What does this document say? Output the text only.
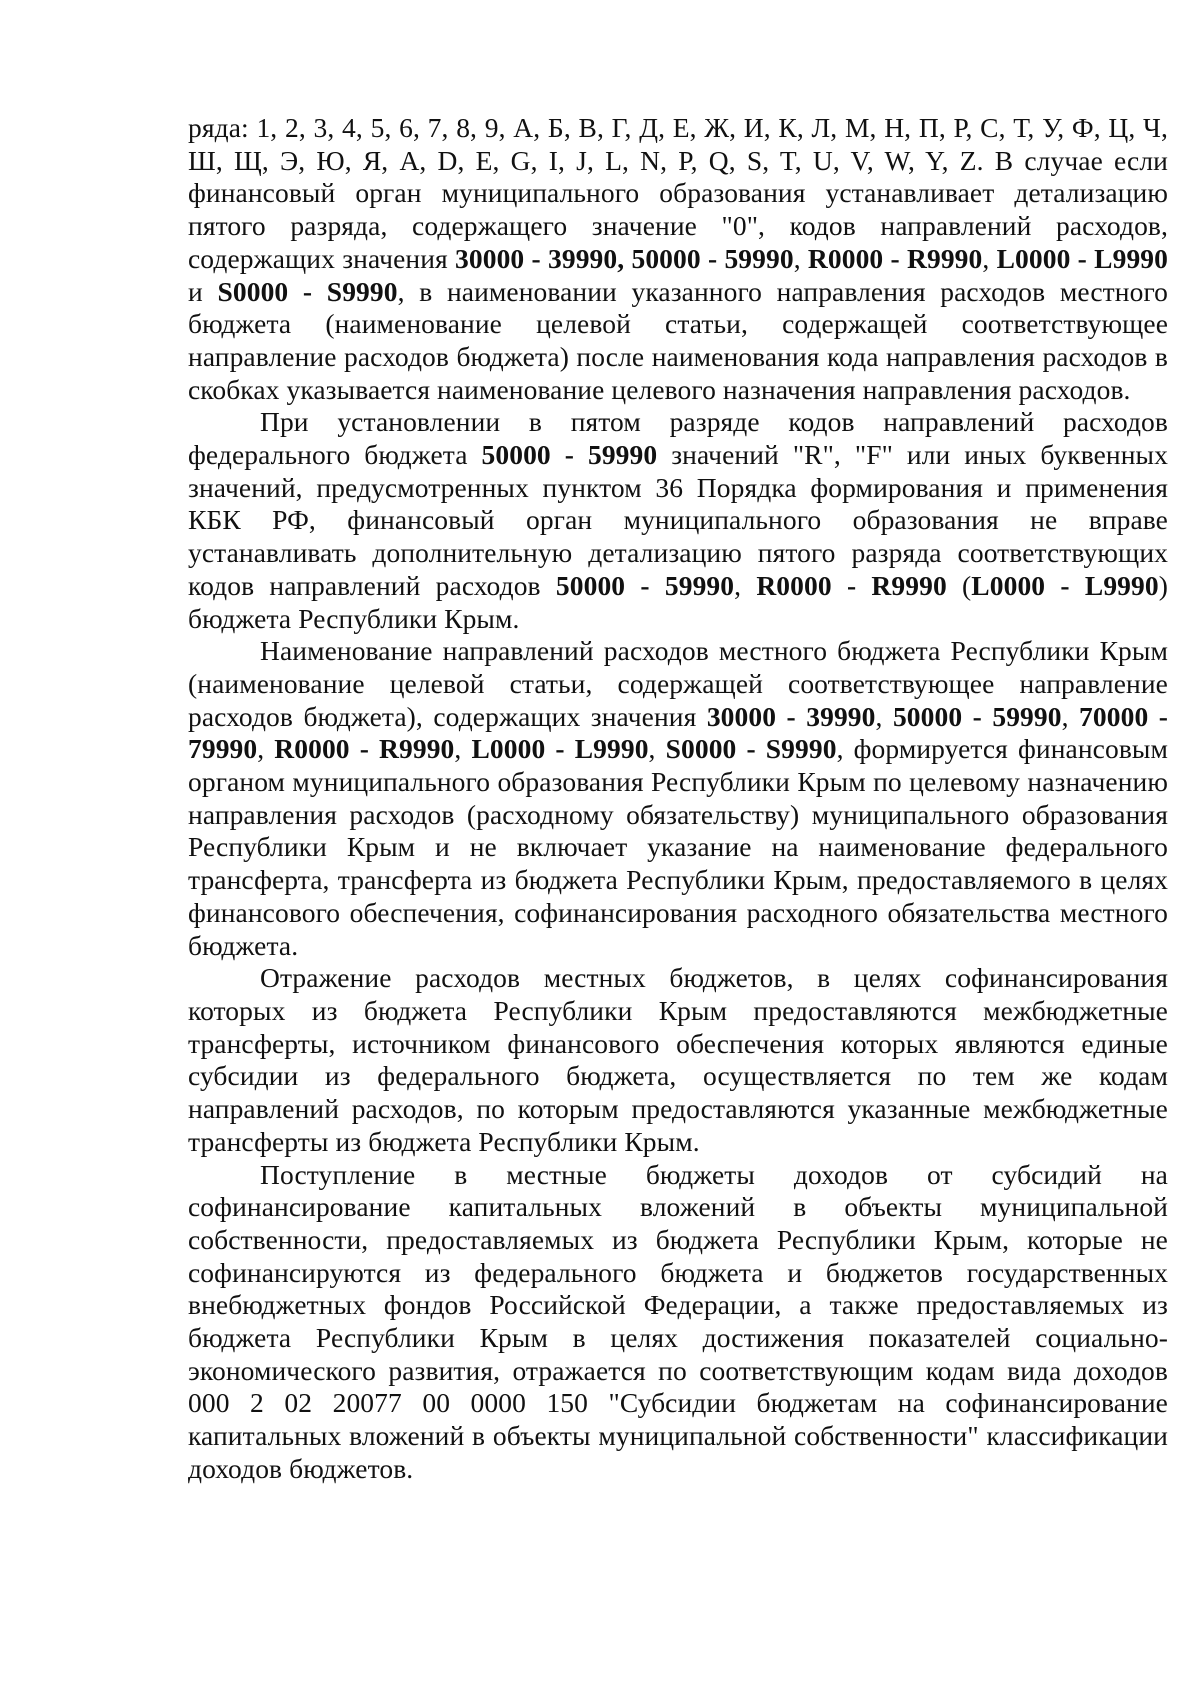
ряда: 1, 2, 3, 4, 5, 6, 7, 8, 9, А, Б, В, Г, Д, Е, Ж, И, К, Л, М, Н, П, Р, С, Т, У, Ф, Ц, Ч, Ш, Щ, Э, Ю, Я, A, D, E, G, I, J, L, N, P, Q, S, T, U, V, W, Y, Z. В случае если финансовый орган муниципального образования устанавливает детализацию пятого разряда, содержащего значение "0", кодов направлений расходов, содержащих значения 30000 - 39990, 50000 - 59990, R0000 - R9990, L0000 - L9990 и S0000 - S9990, в наименовании указанного направления расходов местного бюджета (наименование целевой статьи, содержащей соответствующее направление расходов бюджета) после наименования кода направления расходов в скобках указывается наименование целевого назначения направления расходов.

При установлении в пятом разряде кодов направлений расходов федерального бюджета 50000 - 59990 значений "R", "F" или иных буквенных значений, предусмотренных пунктом 36 Порядка формирования и применения КБК РФ, финансовый орган муниципального образования не вправе устанавливать дополнительную детализацию пятого разряда соответствующих кодов направлений расходов 50000 - 59990, R0000 - R9990 (L0000 - L9990) бюджета Республики Крым.

Наименование направлений расходов местного бюджета Республики Крым (наименование целевой статьи, содержащей соответствующее направление расходов бюджета), содержащих значения 30000 - 39990, 50000 - 59990, 70000 - 79990, R0000 - R9990, L0000 - L9990, S0000 - S9990, формируется финансовым органом муниципального образования Республики Крым по целевому назначению направления расходов (расходному обязательству) муниципального образования Республики Крым и не включает указание на наименование федерального трансферта, трансферта из бюджета Республики Крым, предоставляемого в целях финансового обеспечения, софинансирования расходного обязательства местного бюджета.

Отражение расходов местных бюджетов, в целях софинансирования которых из бюджета Республики Крым предоставляются межбюджетные трансферты, источником финансового обеспечения которых являются единые субсидии из федерального бюджета, осуществляется по тем же кодам направлений расходов, по которым предоставляются указанные межбюджетные трансферты из бюджета Республики Крым.

Поступление в местные бюджеты доходов от субсидий на софинансирование капитальных вложений в объекты муниципальной собственности, предоставляемых из бюджета Республики Крым, которые не софинансируются из федерального бюджета и бюджетов государственных внебюджетных фондов Российской Федерации, а также предоставляемых из бюджета Республики Крым в целях достижения показателей социально-экономического развития, отражается по соответствующим кодам вида доходов 000 2 02 20077 00 0000 150 "Субсидии бюджетам на софинансирование капитальных вложений в объекты муниципальной собственности" классификации доходов бюджетов.
